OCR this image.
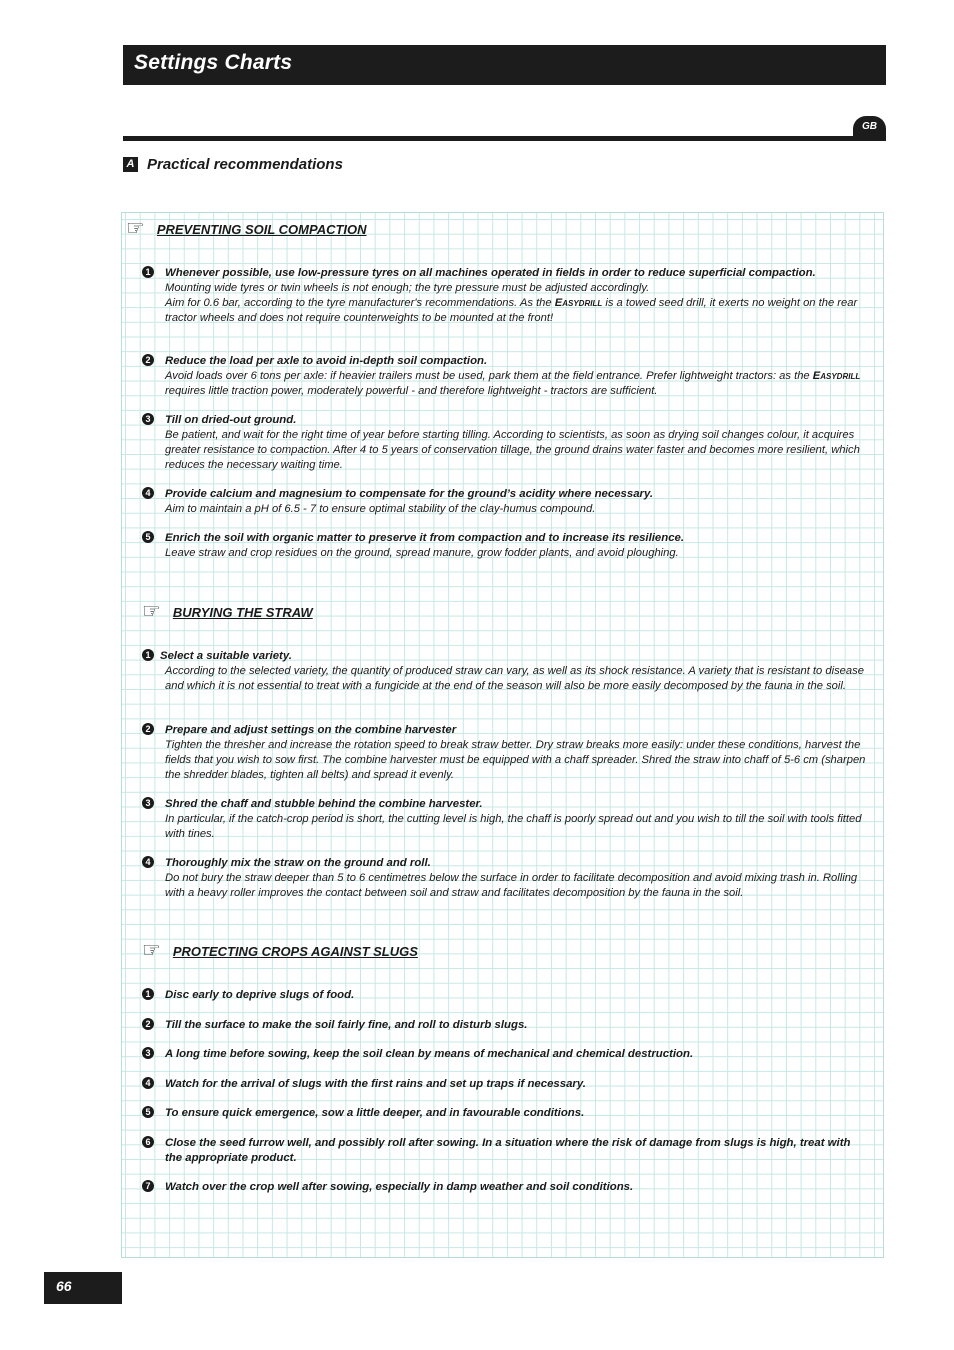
Settings Charts
GB
A Practical recommendations
☞ PREVENTING SOIL COMPACTION
1	Whenever possible, use low-pressure tyres on all machines operated in fields in order to reduce superficial compaction.
Mounting wide tyres or twin wheels is not enough; the tyre pressure must be adjusted accordingly.
Aim for 0.6 bar, according to the tyre manufacturer's recommendations. As the Easydrill is a towed seed drill, it exerts no weight on the rear tractor wheels and does not require counterweights to be mounted at the front!
2	Reduce the load per axle to avoid in-depth soil compaction.
Avoid loads over 6 tons per axle: if heavier trailers must be used, park them at the field entrance. Prefer lightweight tractors: as the Easydrill requires little traction power, moderately powerful - and therefore lightweight - tractors are sufficient.
3	Till on dried-out ground.
Be patient, and wait for the right time of year before starting tilling. According to scientists, as soon as drying soil changes colour, it acquires greater resistance to compaction. After 4 to 5 years of conservation tillage, the ground drains water faster and becomes more resilient, which reduces the necessary waiting time.
4	Provide calcium and magnesium to compensate for the ground’s acidity where necessary.
Aim to maintain a pH of 6.5 - 7 to ensure optimal stability of the clay-humus compound.
5	Enrich the soil with organic matter to preserve it from compaction and to increase its resilience.
Leave straw and crop residues on the ground, spread manure, grow fodder plants, and avoid ploughing.
☞ BURYING THE STRAW
1 Select a suitable variety.
According to the selected variety, the quantity of produced straw can vary, as well as its shock resistance. A variety that is resistant to disease and which it is not essential to treat with a fungicide at the end of the season will also be more easily decomposed by the fauna in the soil.
2	Prepare and adjust settings on the combine harvester
Tighten the thresher and increase the rotation speed to break straw better. Dry straw breaks more easily: under these conditions, harvest the fields that you wish to sow first. The combine harvester must be equipped with a chaff spreader. Shred the straw into chaff of 5-6 cm (sharpen the shredder blades, tighten all belts) and spread it evenly.
3	Shred the chaff and stubble behind the combine harvester.
In particular, if the catch-crop period is short, the cutting level is high, the chaff is poorly spread out and you wish to till the soil with tools fitted with tines.
4	Thoroughly mix the straw on the ground and roll.
Do not bury the straw deeper than 5 to 6 centimetres below the surface in order to facilitate decomposition and avoid mixing trash in. Rolling with a heavy roller improves the contact between soil and straw and facilitates decomposition by the fauna in the soil.
☞ PROTECTING CROPS AGAINST SLUGS
1	Disc early to deprive slugs of food.
2	Till the surface to make the soil fairly fine, and roll to disturb slugs.
3	A long time before sowing, keep the soil clean by means of mechanical and chemical destruction.
4	Watch for the arrival of slugs with the first rains and set up traps if necessary.
5	To ensure quick emergence, sow a little deeper, and in favourable conditions.
6	Close the seed furrow well, and possibly roll after sowing. In a situation where the risk of damage from slugs is high, treat with the appropriate product.
7	Watch over the crop well after sowing, especially in damp weather and soil conditions.
66
